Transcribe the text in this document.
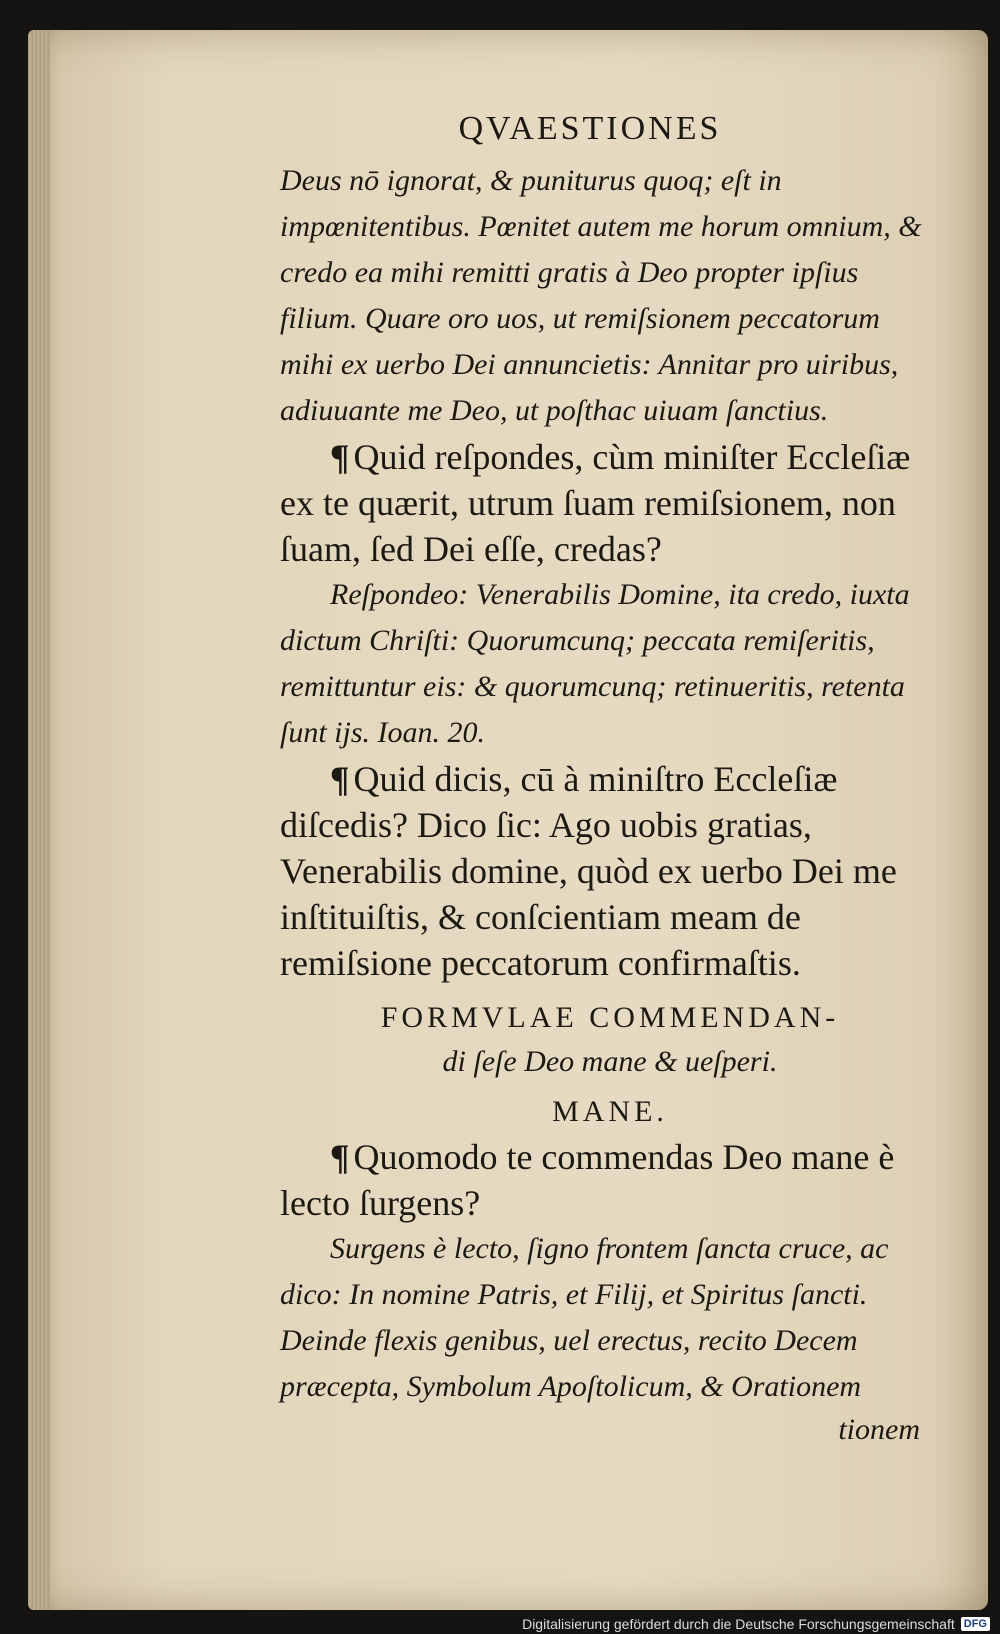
QVAESTIONES

Deus nō ignorat, & puniturus quoq; eſt in impœnitentibus. Pœnitet autem me horum omnium, & credo ea mihi remitti gratis à Deo propter ipſius filium. Quare oro uos, ut remiſsionem peccatorum mihi ex uerbo Dei annuncietis: Annitar pro uiribus, adiuuante me Deo, ut poſthac uiuam ſanctius.

¶ Quid reſpondes, cùm miniſter Eccleſiæ ex te quærit, utrum ſuam remiſsionem, non ſuam, ſed Dei eſſe, credas?

Reſpondeo: Venerabilis Domine, ita credo, iuxta dictum Chriſti: Quorumcunq; peccata remiſeritis, remittuntur eis: & quorumcunq; retinueritis, retenta ſunt ijs. Ioan. 20.

¶ Quid dicis, cū à miniſtro Eccleſiæ diſcedis? Dico ſic: Ago uobis gratias, Venerabilis domine, quòd ex uerbo Dei me inſtituiſtis, & conſcientiam meam de remiſsione peccatorum confirmaſtis.

FORMVLAE COMMENDAN-

di ſeſe Deo mane & ueſperi.

MANE.

¶ Quomodo te commendas Deo mane è lecto ſurgens?

Surgens è lecto, ſigno frontem ſancta cruce, ac dico: In nomine Patris, et Filij, et Spiritus ſancti. Deinde flexis genibus, uel erectus, recito Decem præcepta, Symbolum Apoſtolicum, & Orationem

tionem

Digitalisierung gefördert durch die Deutsche Forschungsgemeinschaft DFG
